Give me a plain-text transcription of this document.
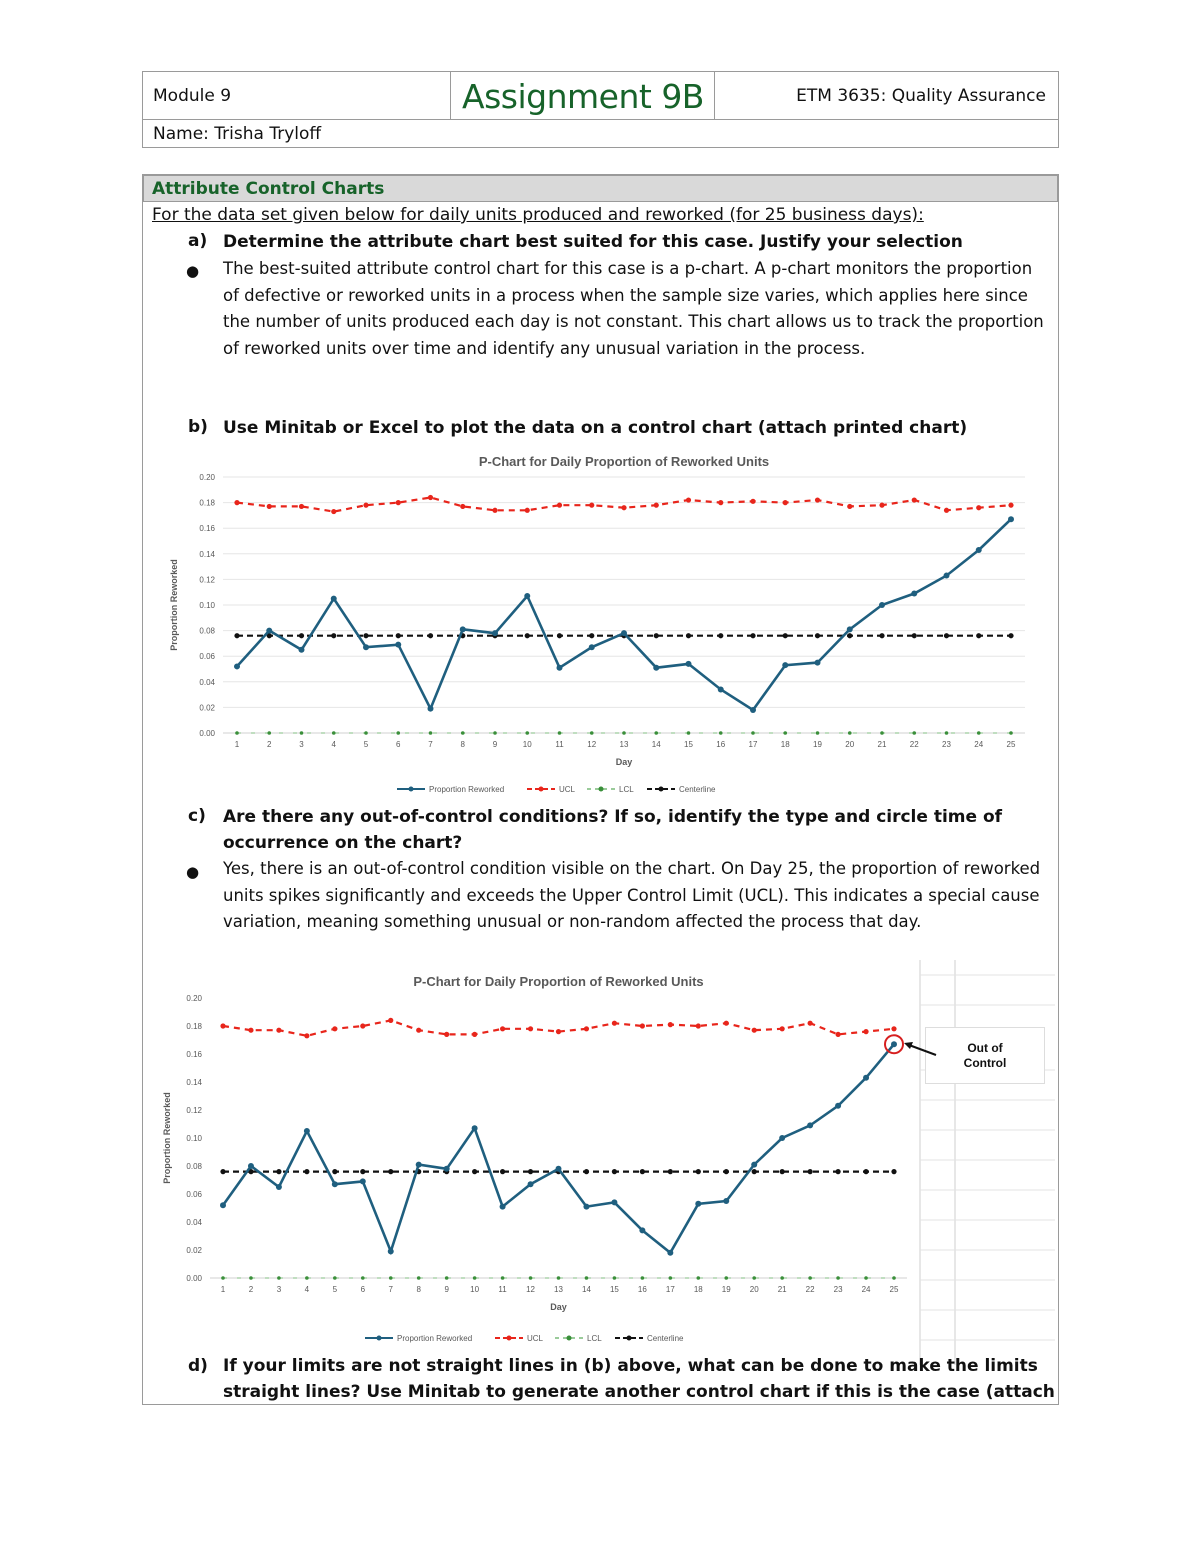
Module 9	Assignment 9B	ETM 3635: Quality Assurance
Name: Trisha Tryloff
Attribute Control Charts
For the data set given below for daily units produced and reworked (for 25 business days):
a) Determine the attribute chart best suited for this case. Justify your selection
● The best-suited attribute control chart for this case is a p-chart. A p-chart monitors the proportion of defective or reworked units in a process when the sample size varies, which applies here since the number of units produced each day is not constant. This chart allows us to track the proportion of reworked units over time and identify any unusual variation in the process.
b) Use Minitab or Excel to plot the data on a control chart (attach printed chart)
P-Chart for Daily Proportion of Reworked Units
0.00
0.02
0.04
0.06
0.08
0.10
0.12
0.14
0.16
0.18
0.20
1	2	3	4	5	6	7	8	9	10	11	12	13	14	15	16	17	18	19	20	21	22	23	24	25
Day
Proportion Reworked
Proportion Reworked	UCL	LCL	Centerline
c) Are there any out-of-control conditions? If so, identify the type and circle time of
occurrence on the chart?
● Yes, there is an out-of-control condition visible on the chart. On Day 25, the proportion of reworked units spikes significantly and exceeds the Upper Control Limit (UCL). This indicates a special cause variation, meaning something unusual or non-random affected the process that day.
P-Chart for Daily Proportion of Reworked Units
0.00
0.02
0.04
0.06
0.08
0.10
0.12
0.14
0.16
0.18
0.20
1	2	3	4	5	6	7	8	9	10 11 12 13 14 15 16 17 18 19 20 21 22 23 24 25
Day
Proportion Reworked
Proportion Reworked	UCL	LCL	Centerline
Out of
Control
d) If your limits are not straight lines in (b) above, what can be done to make the limits
straight lines? Use Minitab to generate another control chart if this is the case (attach
